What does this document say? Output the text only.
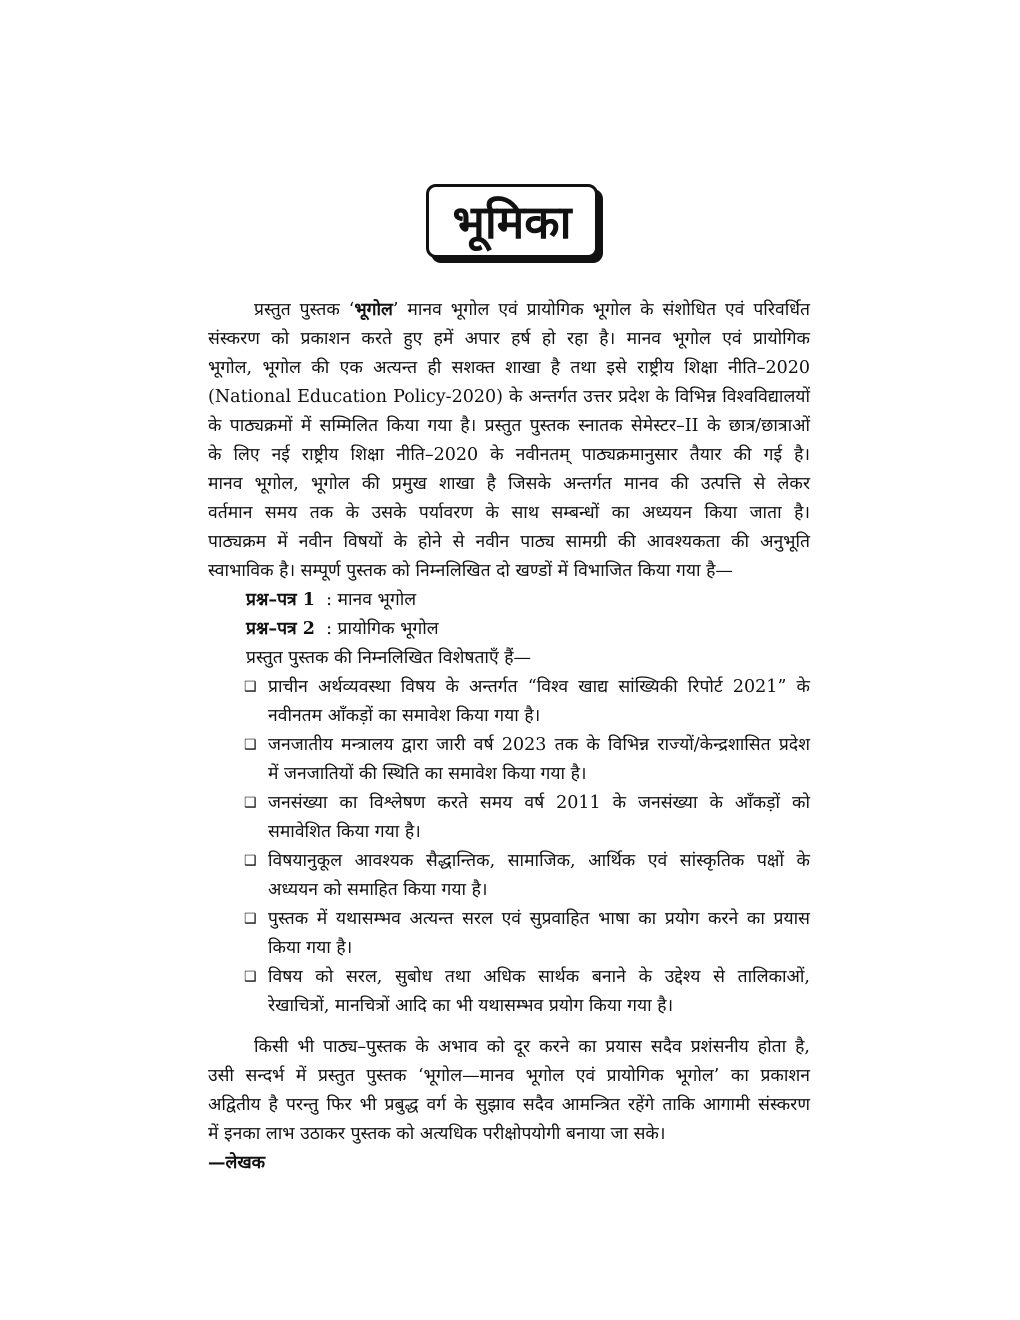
भूमिका
प्रस्तुत पुस्तक ‘भूगोल’ मानव भूगोल एवं प्रायोगिक भूगोल के संशोधित एवं परिवर्धित
संस्करण को प्रकाशन करते हुए हमें अपार हर्ष हो रहा है। मानव भूगोल एवं प्रायोगिक
भूगोल, भूगोल की एक अत्यन्त ही सशक्त शाखा है तथा इसे राष्ट्रीय शिक्षा नीति–2020
(National Education Policy-2020) के अन्तर्गत उत्तर प्रदेश के विभिन्न विश्वविद्यालयों
के पाठ्यक्रमों में सम्मिलित किया गया है। प्रस्तुत पुस्तक स्नातक सेमेस्टर–II के छात्र/छात्राओं
के लिए नई राष्ट्रीय शिक्षा नीति–2020 के नवीनतम् पाठ्यक्रमानुसार तैयार की गई है।
मानव भूगोल, भूगोल की प्रमुख शाखा है जिसके अन्तर्गत मानव की उत्पत्ति से लेकर
वर्तमान समय तक के उसके पर्यावरण के साथ सम्बन्धों का अध्ययन किया जाता है।
पाठ्यक्रम में नवीन विषयों के होने से नवीन पाठ्य सामग्री की आवश्यकता की अनुभूति
स्वाभाविक है। सम्पूर्ण पुस्तक को निम्नलिखित दो खण्डों में विभाजित किया गया है—
प्रश्न–पत्र 1 : मानव भूगोल
प्रश्न–पत्र 2 : प्रायोगिक भूगोल
प्रस्तुत पुस्तक की निम्नलिखित विशेषताएँ हैं—
❑ प्राचीन अर्थव्यवस्था विषय के अन्तर्गत “विश्व खाद्य सांख्यिकी रिपोर्ट 2021” के
नवीनतम आँकड़ों का समावेश किया गया है।
❑ जनजातीय मन्त्रालय द्वारा जारी वर्ष 2023 तक के विभिन्न राज्यों/केन्द्रशासित प्रदेश
में जनजातियों की स्थिति का समावेश किया गया है।
❑ जनसंख्या का विश्लेषण करते समय वर्ष 2011 के जनसंख्या के आँकड़ों को
समावेशित किया गया है।
❑ विषयानुकूल आवश्यक सैद्धान्तिक, सामाजिक, आर्थिक एवं सांस्कृतिक पक्षों के
अध्ययन को समाहित किया गया है।
❑ पुस्तक में यथासम्भव अत्यन्त सरल एवं सुप्रवाहित भाषा का प्रयोग करने का प्रयास
किया गया है।
❑ विषय को सरल, सुबोध तथा अधिक सार्थक बनाने के उद्देश्य से तालिकाओं,
रेखाचित्रों, मानचित्रों आदि का भी यथासम्भव प्रयोग किया गया है।
किसी भी पाठ्य–पुस्तक के अभाव को दूर करने का प्रयास सदैव प्रशंसनीय होता है,
उसी सन्दर्भ में प्रस्तुत पुस्तक ‘भूगोल—मानव भूगोल एवं प्रायोगिक भूगोल’ का प्रकाशन
अद्वितीय है परन्तु फिर भी प्रबुद्ध वर्ग के सुझाव सदैव आमन्त्रित रहेंगे ताकि आगामी संस्करण
में इनका लाभ उठाकर पुस्तक को अत्यधिक परीक्षोपयोगी बनाया जा सके।
—लेखक
